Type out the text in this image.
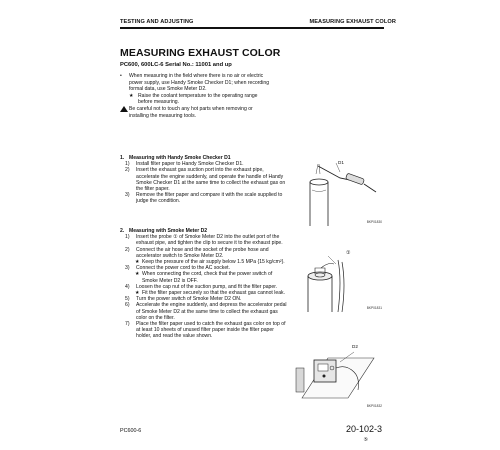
TESTING AND ADJUSTING	MEASURING EXHAUST COLOR
MEASURING EXHAUST COLOR
PC600, 600LC-6 Serial No.: 11001 and up
• When measuring in the field where there is no air or electric power supply, use Handy Smoke Checker D1; when recording formal data, use Smoke Meter D2.
★ Raise the coolant temperature to the operating range before measuring.
Be careful not to touch any hot parts when removing or installing the measuring tools.
1. Measuring with Handy Smoke Checker D1
1) Install filter paper to Handy Smoke Checker D1.
2) Insert the exhaust gas suction port into the exhaust pipe, accelerate the engine suddenly, and operate the handle of Handy Smoke Checker D1 at the same time to collect the exhaust gas on the filter paper.
3) Remove the filter paper and compare it with the scale supplied to judge the condition.
2. Measuring with Smoke Meter D2
1) Insert the probe ① of Smoke Meter D2 into the outlet port of the exhaust pipe, and tighten the clip to secure it to the exhaust pipe.
2) Connect the air hose and the socket of the probe hose and accelerator switch to Smoke Meter D2.
★ Keep the pressure of the air supply below 1.5 MPa {15 kg/cm²}.
3) Connect the power cord to the AC socket.
★ When connecting the cord, check that the power switch of Smoke Meter D2 is OFF.
4) Loosen the cap nut of the suction pump, and fit the filter paper.
★ Fit the filter paper securely so that the exhaust gas cannot leak.
5) Turn the power switch of Smoke Meter D2 ON.
6) Accelerate the engine suddenly, and depress the accelerator pedal of Smoke Meter D2 at the same time to collect the exhaust gas color on the filter.
7) Place the filter paper used to catch the exhaust gas color on top of at least 10 sheets of unused filter paper inside the filter paper holder, and read the value shown.
D1
BKP01830
①
BKP01831
D2
BKP01832
PC600-6	20-102-3
⑤
